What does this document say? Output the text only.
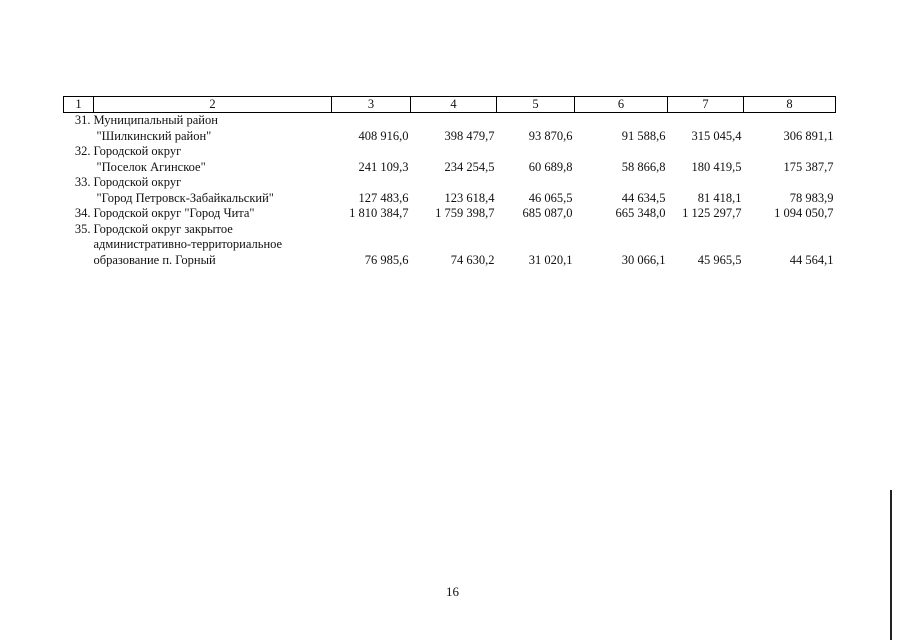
1	2	3	4	5	6	7	8
31.	Муниципальный район
"Шилкинский район"	408 916,0	398 479,7	93 870,6	91 588,6	315 045,4	306 891,1
32.	Городской округ
"Поселок Агинское"	241 109,3	234 254,5	60 689,8	58 866,8	180 419,5	175 387,7
33.	Городской округ
"Город Петровск-Забайкальский"	127 483,6	123 618,4	46 065,5	44 634,5	81 418,1	78 983,9
34.	Городской округ "Город Чита"	1 810 384,7	1 759 398,7	685 087,0	665 348,0	1 125 297,7	1 094 050,7
35.	Городской округ закрытое
административно-территориальное
образование п. Горный	76 985,6	74 630,2	31 020,1	30 066,1	45 965,5	44 564,1
16
